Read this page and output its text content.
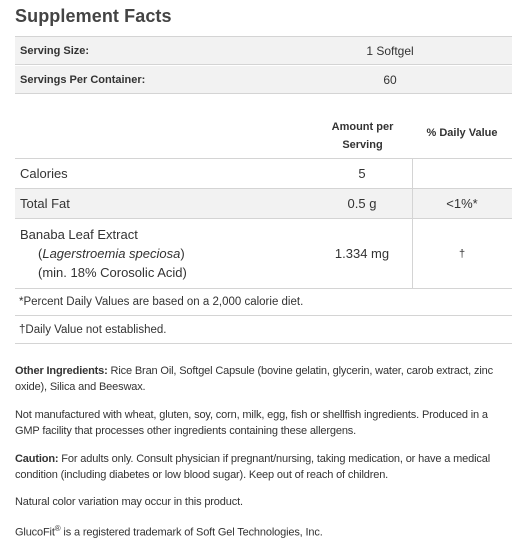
Supplement Facts
Serving Size:	1 Softgel
Servings Per Container:	60
Amount per
Serving
% Daily Value
Calories	5
Total Fat	0.5 g	<1%*
Banaba Leaf Extract
(Lagerstroemia speciosa)
(min. 18% Corosolic Acid)
1.334 mg	†
*Percent Daily Values are based on a 2,000 calorie diet.
†Daily Value not established.
Other Ingredients: Rice Bran Oil, Softgel Capsule (bovine gelatin, glycerin, water, carob extract, zinc oxide), Silica and Beeswax.
Not manufactured with wheat, gluten, soy, corn, milk, egg, fish or shellfish ingredients. Produced in a GMP facility that processes other ingredients containing these allergens.
Caution: For adults only. Consult physician if pregnant/nursing, taking medication, or have a medical condition (including diabetes or low blood sugar). Keep out of reach of children.
Natural color variation may occur in this product.
GlucoFit® is a registered trademark of Soft Gel Technologies, Inc.
